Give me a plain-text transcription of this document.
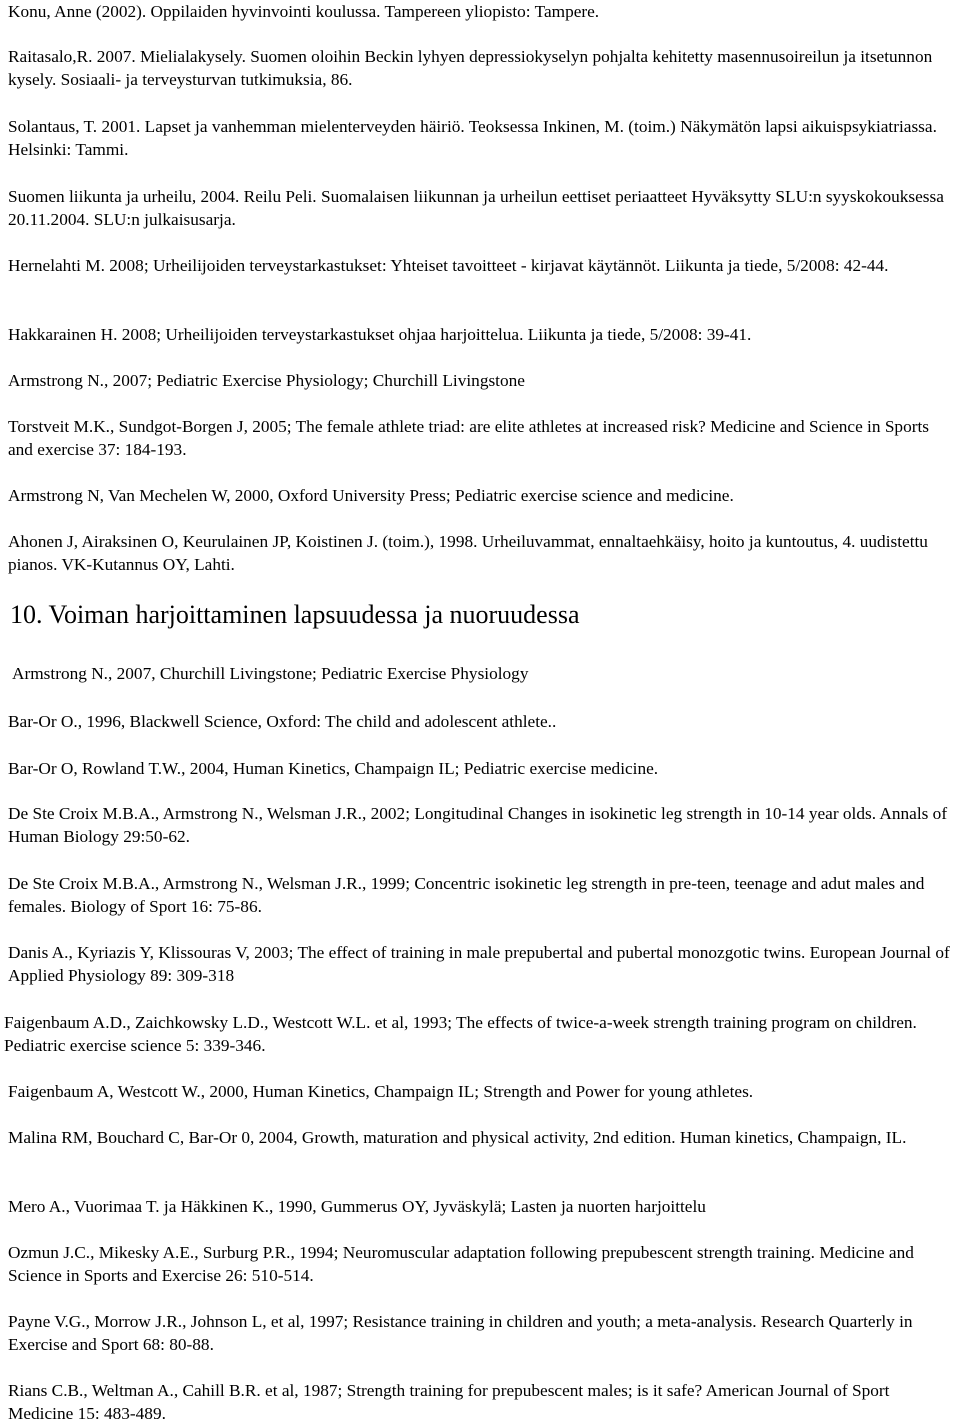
Konu, Anne (2002). Oppilaiden hyvinvointi koulussa. Tampereen yliopisto: Tampere.

Raitasalo,R. 2007. Mielialakysely. Suomen oloihin Beckin lyhyen depressiokyselyn pohjalta kehitetty masennusoireilun ja itsetunnon kysely. Sosiaali- ja terveysturvan tutkimuksia, 86.

Solantaus, T. 2001. Lapset ja vanhemman mielenterveyden häiriö. Teoksessa Inkinen, M. (toim.) Näkymätön lapsi aikuispsykiatriassa. Helsinki: Tammi.

Suomen liikunta ja urheilu, 2004. Reilu Peli. Suomalaisen liikunnan ja urheilun eettiset periaatteet Hyväksytty SLU:n syyskokouksessa 20.11.2004. SLU:n julkaisusarja.

Hernelahti M. 2008; Urheilijoiden terveystarkastukset: Yhteiset tavoitteet - kirjavat käytännöt. Liikunta ja tiede, 5/2008: 42-44.

Hakkarainen H. 2008; Urheilijoiden terveystarkastukset ohjaa harjoittelua. Liikunta ja tiede, 5/2008: 39-41.

Armstrong N., 2007; Pediatric Exercise Physiology; Churchill Livingstone

Torstveit M.K., Sundgot-Borgen J, 2005; The female athlete triad: are elite athletes at increased risk? Medicine and Science in Sports and exercise 37: 184-193.

Armstrong N, Van Mechelen W, 2000, Oxford University Press; Pediatric exercise science and medicine.

Ahonen J, Airaksinen O, Keurulainen JP, Koistinen J. (toim.), 1998. Urheiluvammat, ennaltaehkäisy, hoito ja kuntoutus, 4. uudistettu pianos. VK-Kutannus OY, Lahti.

10. Voiman harjoittaminen lapsuudessa ja nuoruudessa

Armstrong N., 2007, Churchill Livingstone; Pediatric Exercise Physiology

Bar-Or O., 1996, Blackwell Science, Oxford: The child and adolescent athlete..

Bar-Or O, Rowland T.W., 2004, Human Kinetics, Champaign IL; Pediatric exercise medicine.

De Ste Croix M.B.A., Armstrong N., Welsman J.R., 2002; Longitudinal Changes in isokinetic leg strength in 10-14 year olds. Annals of Human Biology 29:50-62.

De Ste Croix M.B.A., Armstrong N., Welsman J.R., 1999; Concentric isokinetic leg strength in pre-teen, teenage and adut males and females. Biology of Sport 16: 75-86.

Danis A., Kyriazis Y, Klissouras V, 2003; The effect of training in male prepubertal and pubertal monozgotic twins. European Journal of Applied Physiology 89: 309-318

Faigenbaum A.D., Zaichkowsky L.D., Westcott W.L. et al, 1993; The effects of twice-a-week strength training program on children. Pediatric exercise science 5: 339-346.

Faigenbaum A, Westcott W., 2000, Human Kinetics, Champaign IL; Strength and Power for young athletes.

Malina RM, Bouchard C, Bar-Or 0, 2004, Growth, maturation and physical activity, 2nd edition. Human kinetics, Champaign, IL.

Mero A., Vuorimaa T. ja Häkkinen K., 1990, Gummerus OY, Jyväskylä; Lasten ja nuorten harjoittelu

Ozmun J.C., Mikesky A.E., Surburg P.R., 1994; Neuromuscular adaptation following prepubescent strength training. Medicine and Science in Sports and Exercise 26: 510-514.

Payne V.G., Morrow J.R., Johnson L, et al, 1997; Resistance training in children and youth; a meta-analysis. Research Quarterly in Exercise and Sport 68: 80-88.

Rians C.B., Weltman A., Cahill B.R. et al, 1987; Strength training for prepubescent males; is it safe? American Journal of Sport Medicine 15: 483-489.
